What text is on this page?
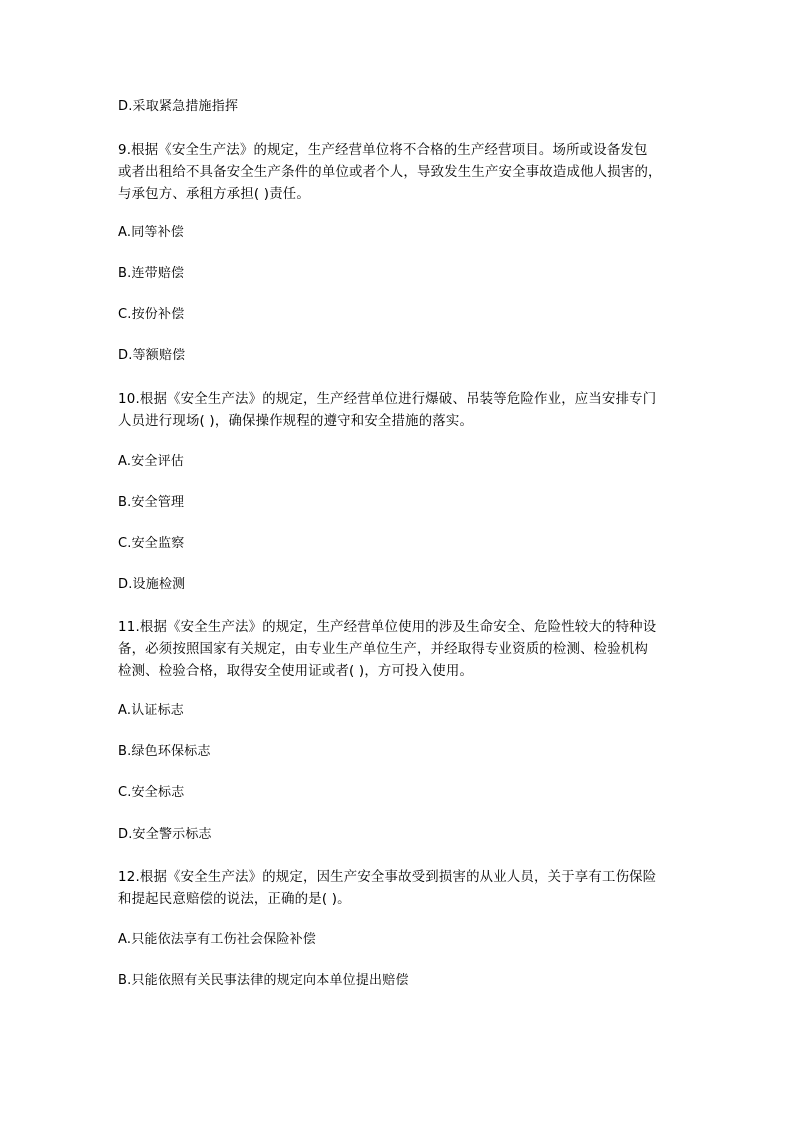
D.采取紧急措施指挥
9.根据《安全生产法》的规定，生产经营单位将不合格的生产经营项目。场所或设备发包
或者出租给不具备安全生产条件的单位或者个人，导致发生生产安全事故造成他人损害的，
与承包方、承租方承担( )责任。
A.同等补偿
B.连带赔偿
C.按份补偿
D.等额赔偿
10.根据《安全生产法》的规定，生产经营单位进行爆破、吊装等危险作业，应当安排专门
人员进行现场( )，确保操作规程的遵守和安全措施的落实。
A.安全评估
B.安全管理
C.安全监察
D.设施检测
11.根据《安全生产法》的规定，生产经营单位使用的涉及生命安全、危险性较大的特种设
备，必须按照国家有关规定，由专业生产单位生产，并经取得专业资质的检测、检验机构
检测、检验合格，取得安全使用证或者( )，方可投入使用。
A.认证标志
B.绿色环保标志
C.安全标志
D.安全警示标志
12.根据《安全生产法》的规定，因生产安全事故受到损害的从业人员，关于享有工伤保险
和提起民意赔偿的说法，正确的是( )。
A.只能依法享有工伤社会保险补偿
B.只能依照有关民事法律的规定向本单位提出赔偿
